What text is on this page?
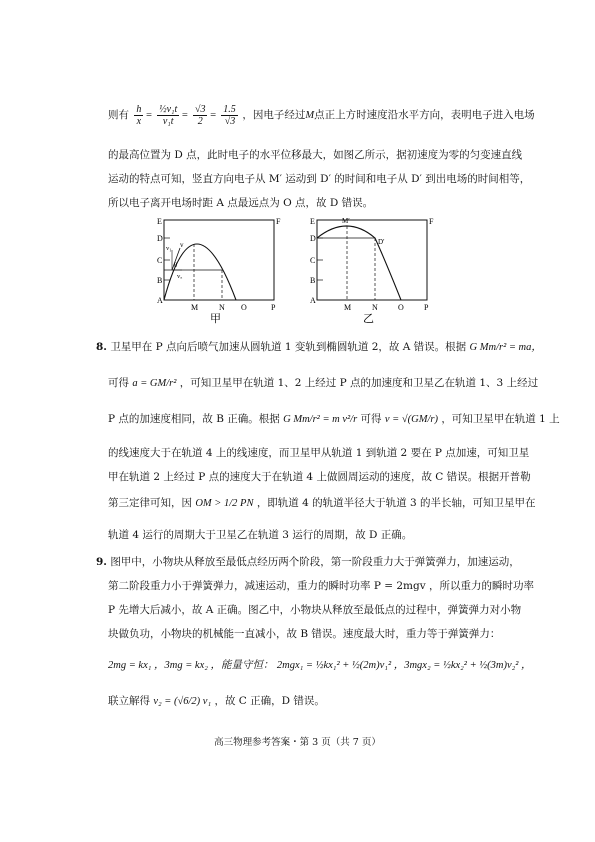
则有 $\frac{h}{x} = \frac{\text{½v₁t}}{\text{v₁t}} = \frac{√3}{2} = \frac{1.5}{√3}$ ，因电子经过M点正上方时速度沿水平方向，表明电子进入电场
的最高位置为 D 点，此时电子的水平位移最大，如图乙所示，据初速度为零的匀变速直线
运动的特点可知，竖直方向电子从 M′ 运动到 D′ 的时间和电子从 D′ 到出电场的时间相等，
所以电子离开电场时距 A 点最远点为 O 点，故 D 错误。
E	F
D
C
B
A
M	N O	P
v
v₁
θ
vₓ
甲
E	F
D
C
B
A
M	N	O	P
M′
D′
乙
8. 卫星甲在 P 点向后喷气加速从圆轨道 1 变轨到椭圆轨道 2，故 A 错误。根据 G Mm/r² = ma，
可得 a = GM/r² ，可知卫星甲在轨道 1、2 上经过 P 点的加速度和卫星乙在轨道 1、3 上经过
P 点的加速度相同，故 B 正确。根据 G Mm/r² = m v²/r 可得 v = √(GM/r) ，可知卫星甲在轨道 1 上
的线速度大于在轨道 4 上的线速度，而卫星甲从轨道 1 到轨道 2 要在 P 点加速，可知卫星
甲在轨道 2 上经过 P 点的速度大于在轨道 4 上做圆周运动的速度，故 C 错误。根据开普勒
第三定律可知，因 OM > 1/2 PN ，即轨道 4 的轨道半径大于轨道 3 的半长轴，可知卫星甲在
轨道 4 运行的周期大于卫星乙在轨道 3 运行的周期，故 D 正确。
9. 图甲中，小物块从释放至最低点经历两个阶段，第一阶段重力大于弹簧弹力，加速运动，
第二阶段重力小于弹簧弹力，减速运动，重力的瞬时功率 P = 2mgv ，所以重力的瞬时功率
P 先增大后减小，故 A 正确。图乙中，小物块从释放至最低点的过程中，弹簧弹力对小物
块做负功，小物块的机械能一直减小，故 B 错误。速度最大时，重力等于弹簧弹力：
2mg = kx₁ ，3mg = kx₂ ，能量守恒： 2mgx₁ = ½kx₁² + ½(2m)v₁² ，3mgx₂ = ½kx₂² + ½(3m)v₂² ，
联立解得 v₂ = (√6/2) v₁ ，故 C 正确，D 错误。
高三物理参考答案・第 3 页（共 7 页）
